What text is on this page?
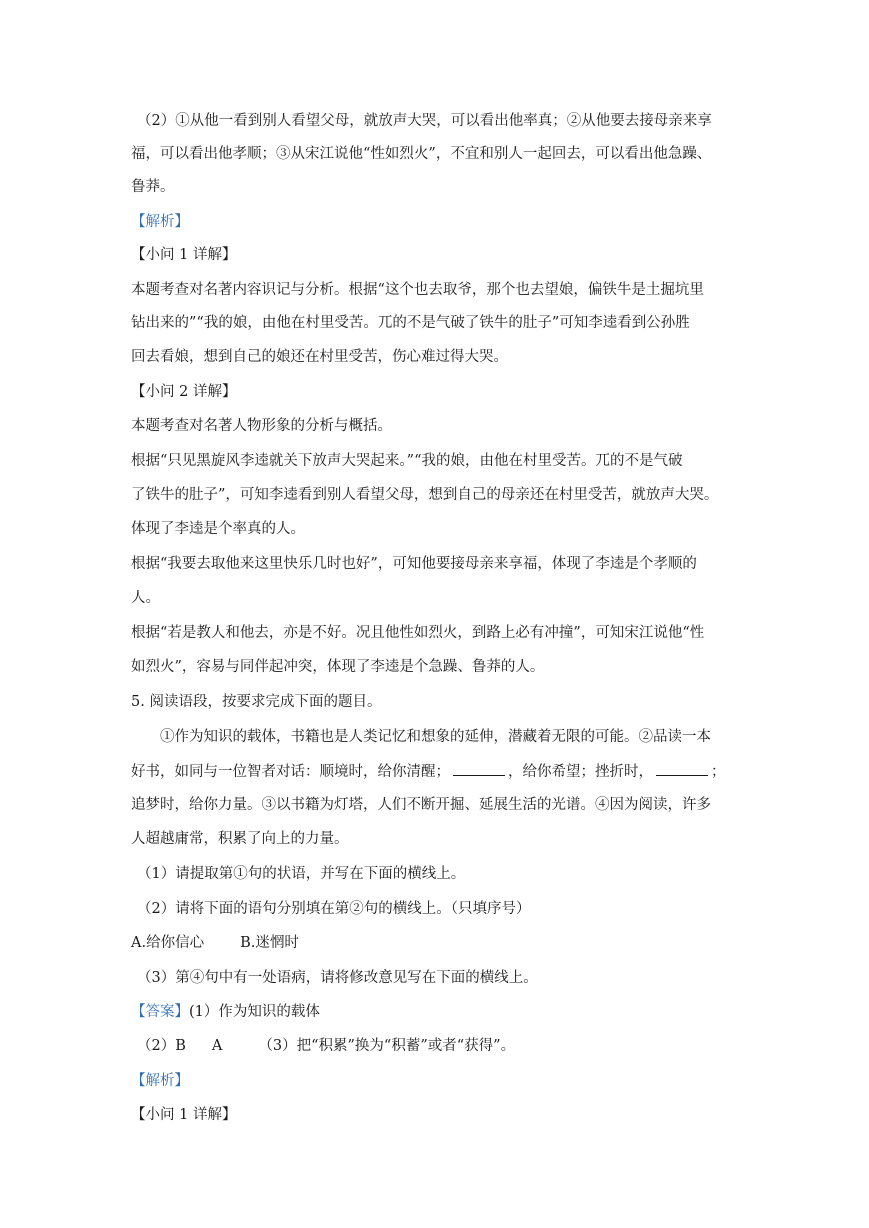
（2）①从他一看到别人看望父母，就放声大哭，可以看出他率真；②从他要去接母亲来享
福，可以看出他孝顺；③从宋江说他“性如烈火”，不宜和别人一起回去，可以看出他急躁、
鲁莽。
【解析】
【小问 1 详解】
本题考查对名著内容识记与分析。根据“这个也去取爷，那个也去望娘，偏铁牛是土掘坑里
钻出来的”“我的娘，由他在村里受苦。兀的不是气破了铁牛的肚子”可知李逵看到公孙胜
回去看娘，想到自己的娘还在村里受苦，伤心难过得大哭。
【小问 2 详解】
本题考查对名著人物形象的分析与概括。
根据“只见黑旋风李逵就关下放声大哭起来。”“我的娘，由他在村里受苦。兀的不是气破
了铁牛的肚子”，可知李逵看到别人看望父母，想到自己的母亲还在村里受苦，就放声大哭。
体现了李逵是个率真的人。
根据“我要去取他来这里快乐几时也好”，可知他要接母亲来享福，体现了李逵是个孝顺的
人。
根据“若是教人和他去，亦是不好。况且他性如烈火，到路上必有冲撞”，可知宋江说他“性
如烈火”，容易与同伴起冲突，体现了李逵是个急躁、鲁莽的人。
5. 阅读语段，按要求完成下面的题目。
①作为知识的载体，书籍也是人类记忆和想象的延伸，潜藏着无限的可能。②品读一本
好书，如同与一位智者对话：顺境时，给你清醒；	，给你希望；挫折时，	；
追梦时，给你力量。③以书籍为灯塔，人们不断开掘、延展生活的光谱。④因为阅读，许多
人超越庸常，积累了向上的力量。
（1）请提取第①句的状语，并写在下面的横线上。
（2）请将下面的语句分别填在第②句的横线上。（只填序号）
A.给你信心 B.迷惘时
（3）第④句中有一处语病，请将修改意见写在下面的横线上。
【答案】(1）作为知识的载体
（2）B A （3）把“积累”换为“积蓄”或者“获得”。
【解析】
【小问 1 详解】
